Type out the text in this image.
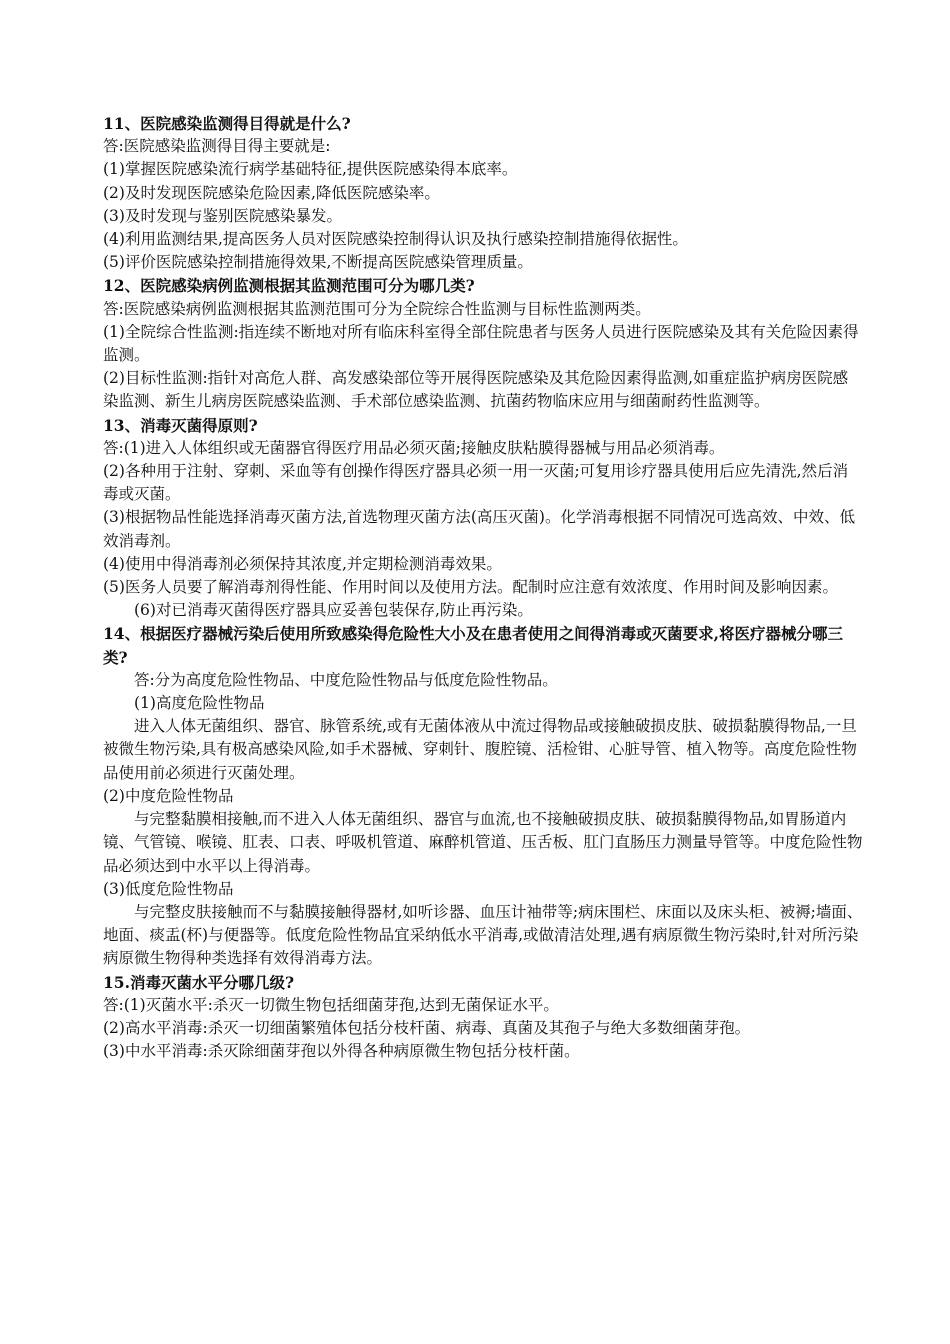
11、医院感染监测得目得就是什么?

答:医院感染监测得目得主要就是:

(1)掌握医院感染流行病学基础特征,提供医院感染得本底率。

(2)及时发现医院感染危险因素,降低医院感染率。

(3)及时发现与鉴别医院感染暴发。

(4)利用监测结果,提高医务人员对医院感染控制得认识及执行感染控制措施得依据性。

(5)评价医院感染控制措施得效果,不断提高医院感染管理质量。

12、医院感染病例监测根据其监测范围可分为哪几类?

答:医院感染病例监测根据其监测范围可分为全院综合性监测与目标性监测两类。

(1)全院综合性监测:指连续不断地对所有临床科室得全部住院患者与医务人员进行医院感染及其有关危险因素得监测。

(2)目标性监测:指针对高危人群、高发感染部位等开展得医院感染及其危险因素得监测,如重症监护病房医院感染监测、新生儿病房医院感染监测、手术部位感染监测、抗菌药物临床应用与细菌耐药性监测等。

13、消毒灭菌得原则?

答:(1)进入人体组织或无菌器官得医疗用品必须灭菌;接触皮肤粘膜得器械与用品必须消毒。

(2)各种用于注射、穿刺、采血等有创操作得医疗器具必须一用一灭菌;可复用诊疗器具使用后应先清洗,然后消毒或灭菌。

(3)根据物品性能选择消毒灭菌方法,首选物理灭菌方法(高压灭菌)。化学消毒根据不同情况可选高效、中效、低效消毒剂。

(4)使用中得消毒剂必须保持其浓度,并定期检测消毒效果。

(5)医务人员要了解消毒剂得性能、作用时间以及使用方法。配制时应注意有效浓度、作用时间及影响因素。

(6)对已消毒灭菌得医疗器具应妥善包装保存,防止再污染。

14、根据医疗器械污染后使用所致感染得危险性大小及在患者使用之间得消毒或灭菌要求,将医疗器械分哪三类?

答:分为高度危险性物品、中度危险性物品与低度危险性物品。

(1)高度危险性物品

进入人体无菌组织、器官、脉管系统,或有无菌体液从中流过得物品或接触破损皮肤、破损黏膜得物品,一旦被微生物污染,具有极高感染风险,如手术器械、穿刺针、腹腔镜、活检钳、心脏导管、植入物等。高度危险性物品使用前必须进行灭菌处理。

(2)中度危险性物品

与完整黏膜相接触,而不进入人体无菌组织、器官与血流,也不接触破损皮肤、破损黏膜得物品,如胃肠道内镜、气管镜、喉镜、肛表、口表、呼吸机管道、麻醉机管道、压舌板、肛门直肠压力测量导管等。中度危险性物品必须达到中水平以上得消毒。

(3)低度危险性物品

与完整皮肤接触而不与黏膜接触得器材,如听诊器、血压计袖带等;病床围栏、床面以及床头柜、被褥;墙面、地面、痰盂(杯)与便器等。低度危险性物品宜采纳低水平消毒,或做清洁处理,遇有病原微生物污染时,针对所污染病原微生物得种类选择有效得消毒方法。

15.消毒灭菌水平分哪几级?

答:(1)灭菌水平:杀灭一切微生物包括细菌芽孢,达到无菌保证水平。

(2)高水平消毒:杀灭一切细菌繁殖体包括分枝杆菌、病毒、真菌及其孢子与绝大多数细菌芽孢。

(3)中水平消毒:杀灭除细菌芽孢以外得各种病原微生物包括分枝杆菌。
